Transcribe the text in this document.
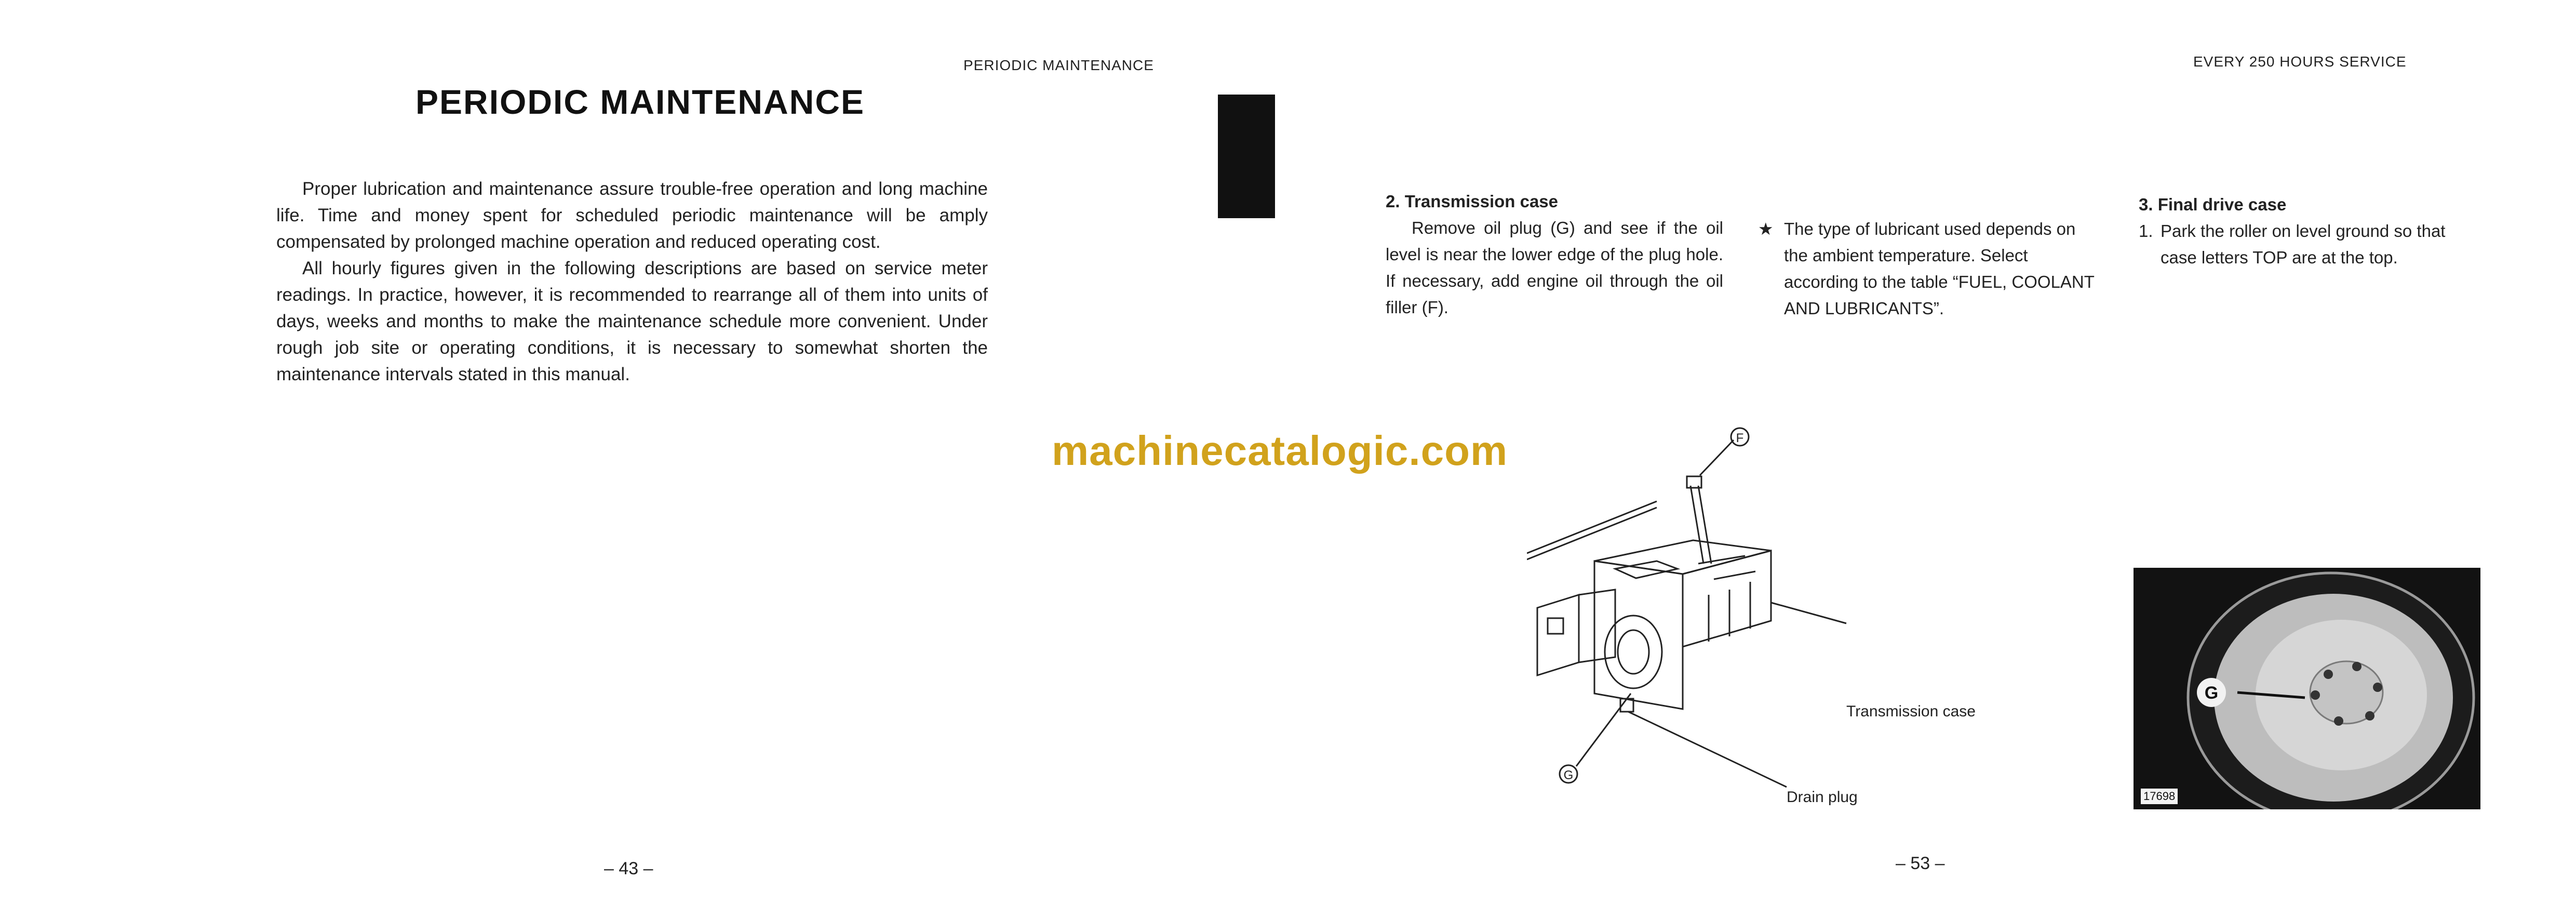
PERIODIC MAINTENANCE
PERIODIC MAINTENANCE

Proper lubrication and maintenance assure trouble-free operation and long machine life. Time and money spent for scheduled periodic maintenance will be amply compensated by prolonged machine operation and reduced operating cost.

All hourly figures given in the following descriptions are based on service meter readings. In practice, however, it is recommended to rearrange all of them into units of days, weeks and months to make the maintenance schedule more convenient. Under rough job site or operating conditions, it is necessary to somewhat shorten the maintenance intervals stated in this manual.

– 43 –
EVERY 250 HOURS SERVICE

2. Transmission case

Remove oil plug (G) and see if the oil level is near the lower edge of the plug hole. If necessary, add engine oil through the oil filler (F).

★ The type of lubricant used depends on the ambient temperature. Select according to the table “FUEL, COOLANT AND LUBRICANTS”.

3. Final drive case

1. Park the roller on level ground so that case letters TOP are at the top.
machinecatalogic.com	F
G
Transmission case
Drain plug
G
17698
– 53 –
